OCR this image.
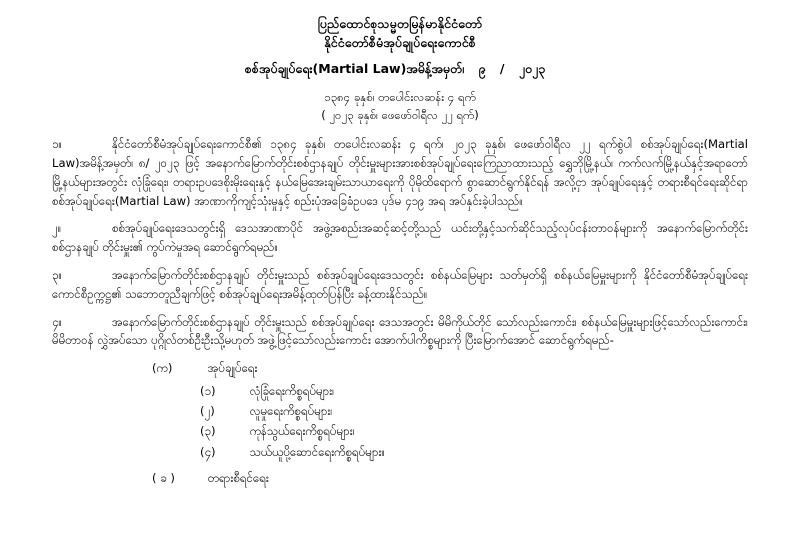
ပြည်ထောင်စုသမ္မတမြန်မာနိုင်ငံတော်
နိုင်ငံတော်စီမံအုပ်ချုပ်ရေးကောင်စီ
စစ်အုပ်ချုပ်ရေး(Martial Law)အမိန့်အမှတ်၊ ၉ / ၂၀၂၃
၁၃၈၄ ခုနှစ်၊ တပေါင်းလဆန်း ၄ ရက်
( ၂၀၂၃ ခုနှစ်၊ ဖေဖော်ဝါရီလ ၂၂ ရက်)
၁။	နိုင်ငံတော်စီမံအုပ်ချုပ်ရေးကောင်စီ၏ ၁၃၈၄ ခုနှစ်၊ တပေါင်းလဆန်း ၄ ရက်၊ ၂၀၂၃ ခုနှစ်၊ ဖေဖော်ဝါရီလ ၂၂ ရက်စွဲပါ စစ်အုပ်ချုပ်ရေး(Martial Law)အမိန့်အမှတ်၊ ၈/ ၂၀၂၃ ဖြင့် အနောက်မြောက်တိုင်းစစ်ဌာနချုပ် တိုင်းမှူးများအားစစ်အုပ်ချုပ်ရေးကြေညာထားသည့် ရွှေဘိုမြို့နယ်၊ ကက်လက်မြို့နယ်နှင့်အရာတော်မြို့နယ်များအတွင်း လုံခြုံရေး၊ တရားဥပဒေစိုးမိုးရေးနှင့် နယ်မြေအေးချမ်းသာယာရေးကို ပိုမိုထိရောက် စွာဆောင်ရွက်နိုင်ရန် အလို့ငှာ အုပ်ချုပ်ရေးနှင့် တရားစီရင်ရေးဆိုင်ရာ စစ်အုပ်ချုပ်ရေး(Martial Law) အာဏာကိုကျင့်သုံးမှုနှင့် စည်းပုံအခြေခံဥပဒေ ပုဒ်မ ၄၁၉ အရ အပ်နှင်းခဲ့ပါသည်။
၂။	စစ်အုပ်ချုပ်ရေးဒေသတွင်းရှိ ဒေသအာဏာပိုင် အဖွဲ့အစည်းအဆင့်ဆင့်တို့သည် ယင်းတို့နှင့်သက်ဆိုင်သည့်လုပ်ငန်းတာဝန်များကို အနောက်မြောက်တိုင်းစစ်ဌာနချုပ် တိုင်းမှူး၏ ကွပ်ကဲမှုအရ ဆောင်ရွက်ရမည်။
၃။	အနောက်မြောက်တိုင်းစစ်ဌာနချုပ် တိုင်းမှူးသည် စစ်အုပ်ချုပ်ရေးဒေသတွင်း စစ်နယ်မြေများ သတ်မှတ်ရှိ စစ်နယ်မြေမှူးများကို နိုင်ငံတော်စီမံအုပ်ချုပ်ရေးကောင်စီဥက္ကဋ္ဌ၏ သဘောတူညီချက်ဖြင့် စစ်အုပ်ချုပ်ရေးအမိန့်ထုတ်ပြန်ပြီး ခန့်ထားနိုင်သည်။
၄။	အနောက်မြောက်တိုင်းစစ်ဌာနချုပ် တိုင်းမှူးသည် စစ်အုပ်ချုပ်ရေး ဒေသအတွင်း မိမိကိုယ်တိုင် သော်လည်းကောင်း၊ စစ်နယ်မြေမှူးများဖြင့်သော်လည်းကောင်း၊ မိမိတာဝန် လွှဲအပ်သော ပုဂ္ဂိုလ်တစ်ဦးဦးသို့မဟုတ် အဖွဲ့ဖြင့်သော်လည်းကောင်း အောက်ပါကိစ္စများကို ပြီးမြောက်အောင် ဆောင်ရွက်ရမည်-
(က)	အုပ်ချုပ်ရေး
(၁)	လုံခြုံရေးကိစ္စရပ်များ၊
(၂)	လူမှုရေးကိစ္စရပ်များ၊
(၃)	ကုန်သွယ်ရေးကိစ္စရပ်များ၊
(၄)	သယ်ယူပို့ဆောင်ရေးကိစ္စရပ်များ။
( ခ )	တရားစီရင်ရေး
